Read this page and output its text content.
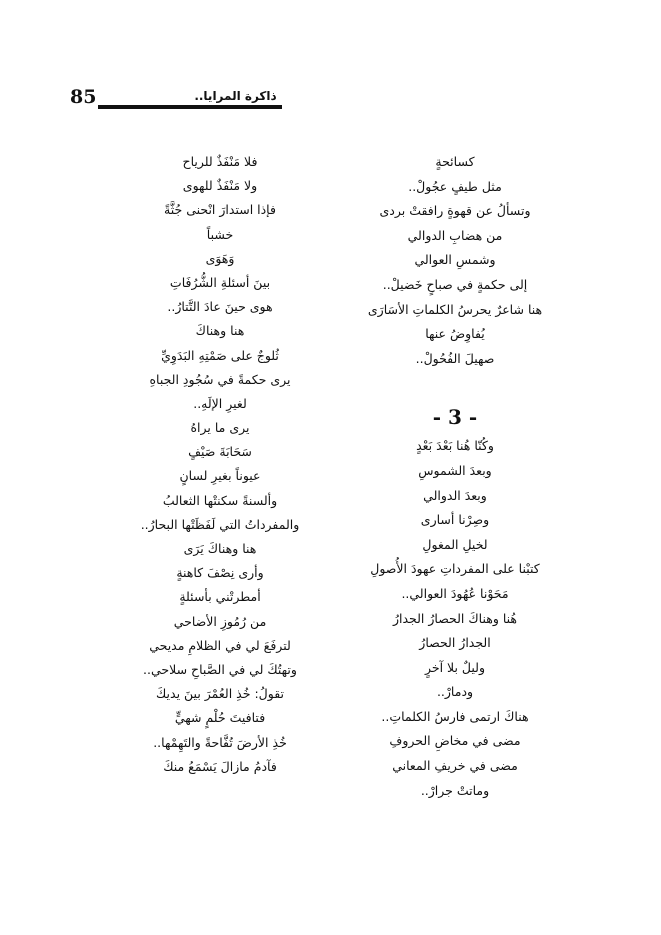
85	ذاكرة المرايا..
فلا مَنْفَذٌ للرياح
ولا مَنْفَذٌ للهوى
فإذا استدارَ انْحنى جُثَّةً
خشباً
وَهَوَى
بينَ أسئلةِ الشُّرُفَاتِ
هوى حينَ عادَ التَّتارُ..
هنا وهناكَ
ثُلوجٌ على صَمْتِهِ البَدَوِيِّ
يرى حكمةً في سُجُودِ الجباهِ
لغيرِ الإلَهِ..
يرى ما يراهُ
سَحَابَةَ صَيْفٍ
عيوناً بغيرِ لسانٍ
وألسنةً سكنتْها الثعالبُ
والمفرداتُ التي لَفَظَتْها البحارُ..
هنا وهناكَ يَرَى
وأرى نِصْفَ كاهنةٍ
أمطرتْني بأسئلةٍ
من رُمُوزِ الأضاحي
لترفَعَ لي في الظلامِ مديحي
وتهتُكَ لي في الصَّباحِ سلاحي..
تقولُ: خُذِ العُمْرَ بينَ يديكَ
فتافيتَ حُلْمٍ شهيٍّ
خُذِ الأرضَ تُفَّاحةً والتَهِمْها..
فآدمُ مازالَ يَسْمَعُ منكَ
كسائحةٍ
مثل طيفٍ عجُولْ..
وتسألُ عن قهوةٍ رافقتْ بردى
من هضابِ الدوالي
وشمسِ العوالي
إلى حكمةٍ في صباحٍ خَضيلْ..
هنا شاعرٌ يحرسُ الكلماتِ الأسَارَى
يُفاوِضُ عنها
صهيلَ الفُحُولْ..
- 3 -
وكُنّا هُنا بَعْدَ بَعْدٍ
وبعدَ الشموسِ
وبعدَ الدوالي
وصِرْنا أسارى
لخيلِ المغولِ
كتبْنا على المفرداتِ عهودَ الأُصولِ
مَحَوْنا عُهُودَ العوالي..
هُنا وهناكَ الحصارُ الجدارُ
الجدارُ الحصارُ
وليلٌ بلا آخرٍ
ودمارْ..
هناكَ ارتمى فارسُ الكلماتِ..
مضى في مخاضِ الحروفِ
مضى في خريفِ المعاني
وماتتْ جرارْ..
